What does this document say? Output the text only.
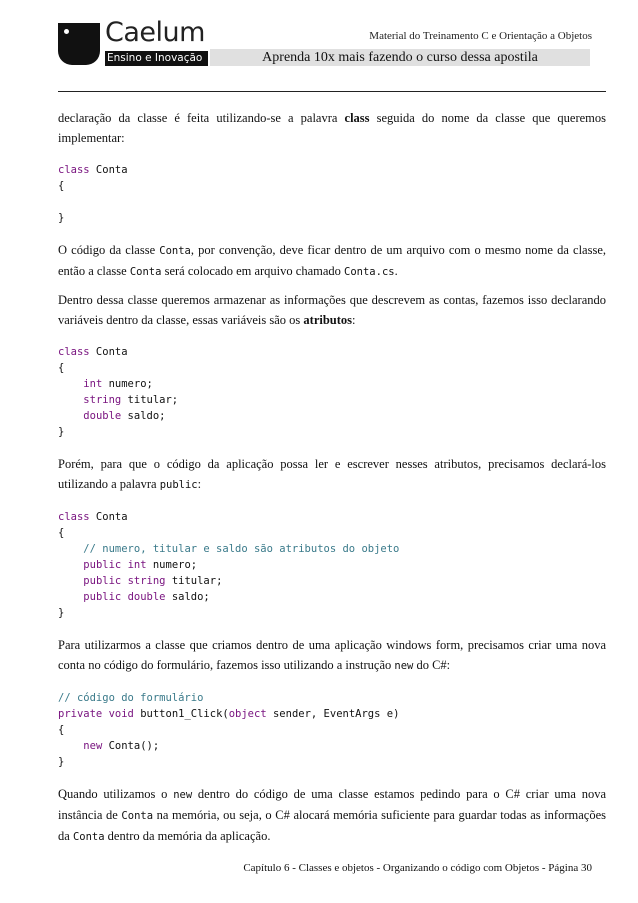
Caelum
Ensino e Inovação
Material do Treinamento C e Orientação a Objetos
Aprenda 10x mais fazendo o curso dessa apostila

declaração da classe é feita utilizando-se a palavra class seguida do nome da classe que queremos implementar:

class Conta
{

}

O código da classe Conta, por convenção, deve ficar dentro de um arquivo com o mesmo nome da classe, então a classe Conta será colocado em arquivo chamado Conta.cs.

Dentro dessa classe queremos armazenar as informações que descrevem as contas, fazemos isso declarando variáveis dentro da classe, essas variáveis são os atributos:

class Conta
{
int numero;
string titular;
double saldo;
}

Porém, para que o código da aplicação possa ler e escrever nesses atributos, precisamos declará-los utilizando a palavra public:

class Conta
{
// numero, titular e saldo são atributos do objeto
public int numero;
public string titular;
public double saldo;
}

Para utilizarmos a classe que criamos dentro de uma aplicação windows form, precisamos criar uma nova conta no código do formulário, fazemos isso utilizando a instrução new do C#:

// código do formulário
private void button1_Click(object sender, EventArgs e)
{
new Conta();
}

Quando utilizamos o new dentro do código de uma classe estamos pedindo para o C# criar uma nova instância de Conta na memória, ou seja, o C# alocará memória suficiente para guardar todas as informações da Conta dentro da memória da aplicação.

Capítulo 6 - Classes e objetos - Organizando o código com Objetos - Página 30
